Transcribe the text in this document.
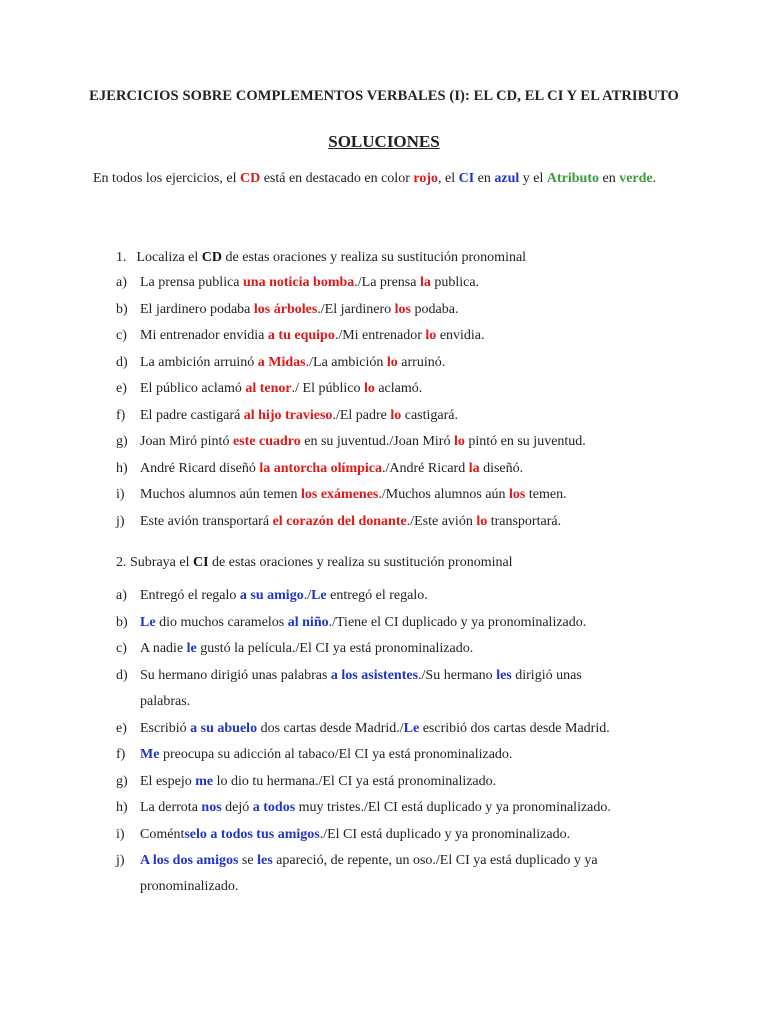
EJERCICIOS SOBRE COMPLEMENTOS VERBALES (I): EL CD, EL CI Y EL ATRIBUTO
SOLUCIONES
En todos los ejercicios, el CD está en destacado en color rojo, el CI en azul y el Atributo en verde.
1. Localiza el CD de estas oraciones y realiza su sustitución pronominal
a) La prensa publica una noticia bomba./La prensa la publica.
b) El jardinero podaba los árboles./El jardinero los podaba.
c) Mi entrenador envidia a tu equipo./Mi entrenador lo envidia.
d) La ambición arruinó a Midas./La ambición lo arruinó.
e) El público aclamó al tenor./ El público lo aclamó.
f) El padre castigará al hijo travieso./El padre lo castigará.
g) Joan Miró pintó este cuadro en su juventud./Joan Miró lo pintó en su juventud.
h) André Ricard diseñó la antorcha olímpica./André Ricard la diseñó.
i) Muchos alumnos aún temen los exámenes./Muchos alumnos aún los temen.
j) Este avión transportará el corazón del donante./Este avión lo transportará.
2. Subraya el CI de estas oraciones y realiza su sustitución pronominal
a) Entregó el regalo a su amigo./Le entregó el regalo.
b) Le dio muchos caramelos al niño./Tiene el CI duplicado y ya pronominalizado.
c) A nadie le gustó la película./El CI ya está pronominalizado.
d) Su hermano dirigió unas palabras a los asistentes./Su hermano les dirigió unas
palabras.
e) Escribió a su abuelo dos cartas desde Madrid./Le escribió dos cartas desde Madrid.
f) Me preocupa su adicción al tabaco/El CI ya está pronominalizado.
g) El espejo me lo dio tu hermana./El CI ya está pronominalizado.
h) La derrota nos dejó a todos muy tristes./El CI está duplicado y ya pronominalizado.
i) Coméntselo a todos tus amigos./El CI está duplicado y ya pronominalizado.
j) A los dos amigos se les apareció, de repente, un oso./El CI ya está duplicado y ya
pronominalizado.
